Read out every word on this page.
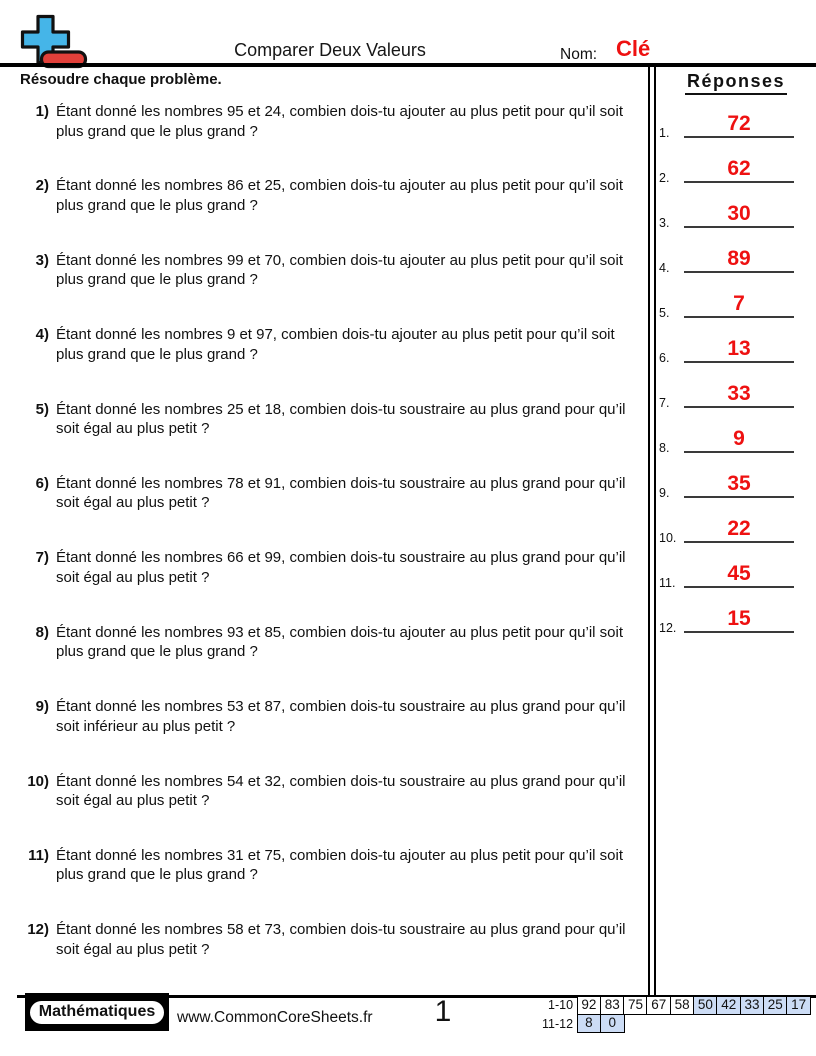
Comparer Deux Valeurs	Nom: Clé
Résoudre chaque problème.
1) Étant donné les nombres 95 et 24, combien dois-tu ajouter au plus petit pour qu’il soit plus grand que le plus grand ?
2) Étant donné les nombres 86 et 25, combien dois-tu ajouter au plus petit pour qu’il soit plus grand que le plus grand ?
3) Étant donné les nombres 99 et 70, combien dois-tu ajouter au plus petit pour qu’il soit plus grand que le plus grand ?
4) Étant donné les nombres 9 et 97, combien dois-tu ajouter au plus petit pour qu’il soit plus grand que le plus grand ?
5) Étant donné les nombres 25 et 18, combien dois-tu soustraire au plus grand pour qu’il soit égal au plus petit ?
6) Étant donné les nombres 78 et 91, combien dois-tu soustraire au plus grand pour qu’il soit égal au plus petit ?
7) Étant donné les nombres 66 et 99, combien dois-tu soustraire au plus grand pour qu’il soit égal au plus petit ?
8) Étant donné les nombres 93 et 85, combien dois-tu ajouter au plus petit pour qu’il soit plus grand que le plus grand ?
9) Étant donné les nombres 53 et 87, combien dois-tu soustraire au plus grand pour qu’il soit inférieur au plus petit ?
10) Étant donné les nombres 54 et 32, combien dois-tu soustraire au plus grand pour qu’il soit égal au plus petit ?
11) Étant donné les nombres 31 et 75, combien dois-tu ajouter au plus petit pour qu’il soit plus grand que le plus grand ?
12) Étant donné les nombres 58 et 73, combien dois-tu soustraire au plus grand pour qu’il soit égal au plus petit ?
Réponses
1.	72
2.	62
3.	30
4.	89
5.	7
6.	13
7.	33
8.	9
9.	35
10.	22
11.	45
12.	15
Mathématiques	www.CommonCoreSheets.fr	1	1-10 92 83 75 67 58 50 42 33 25 17
11-12 8	0
